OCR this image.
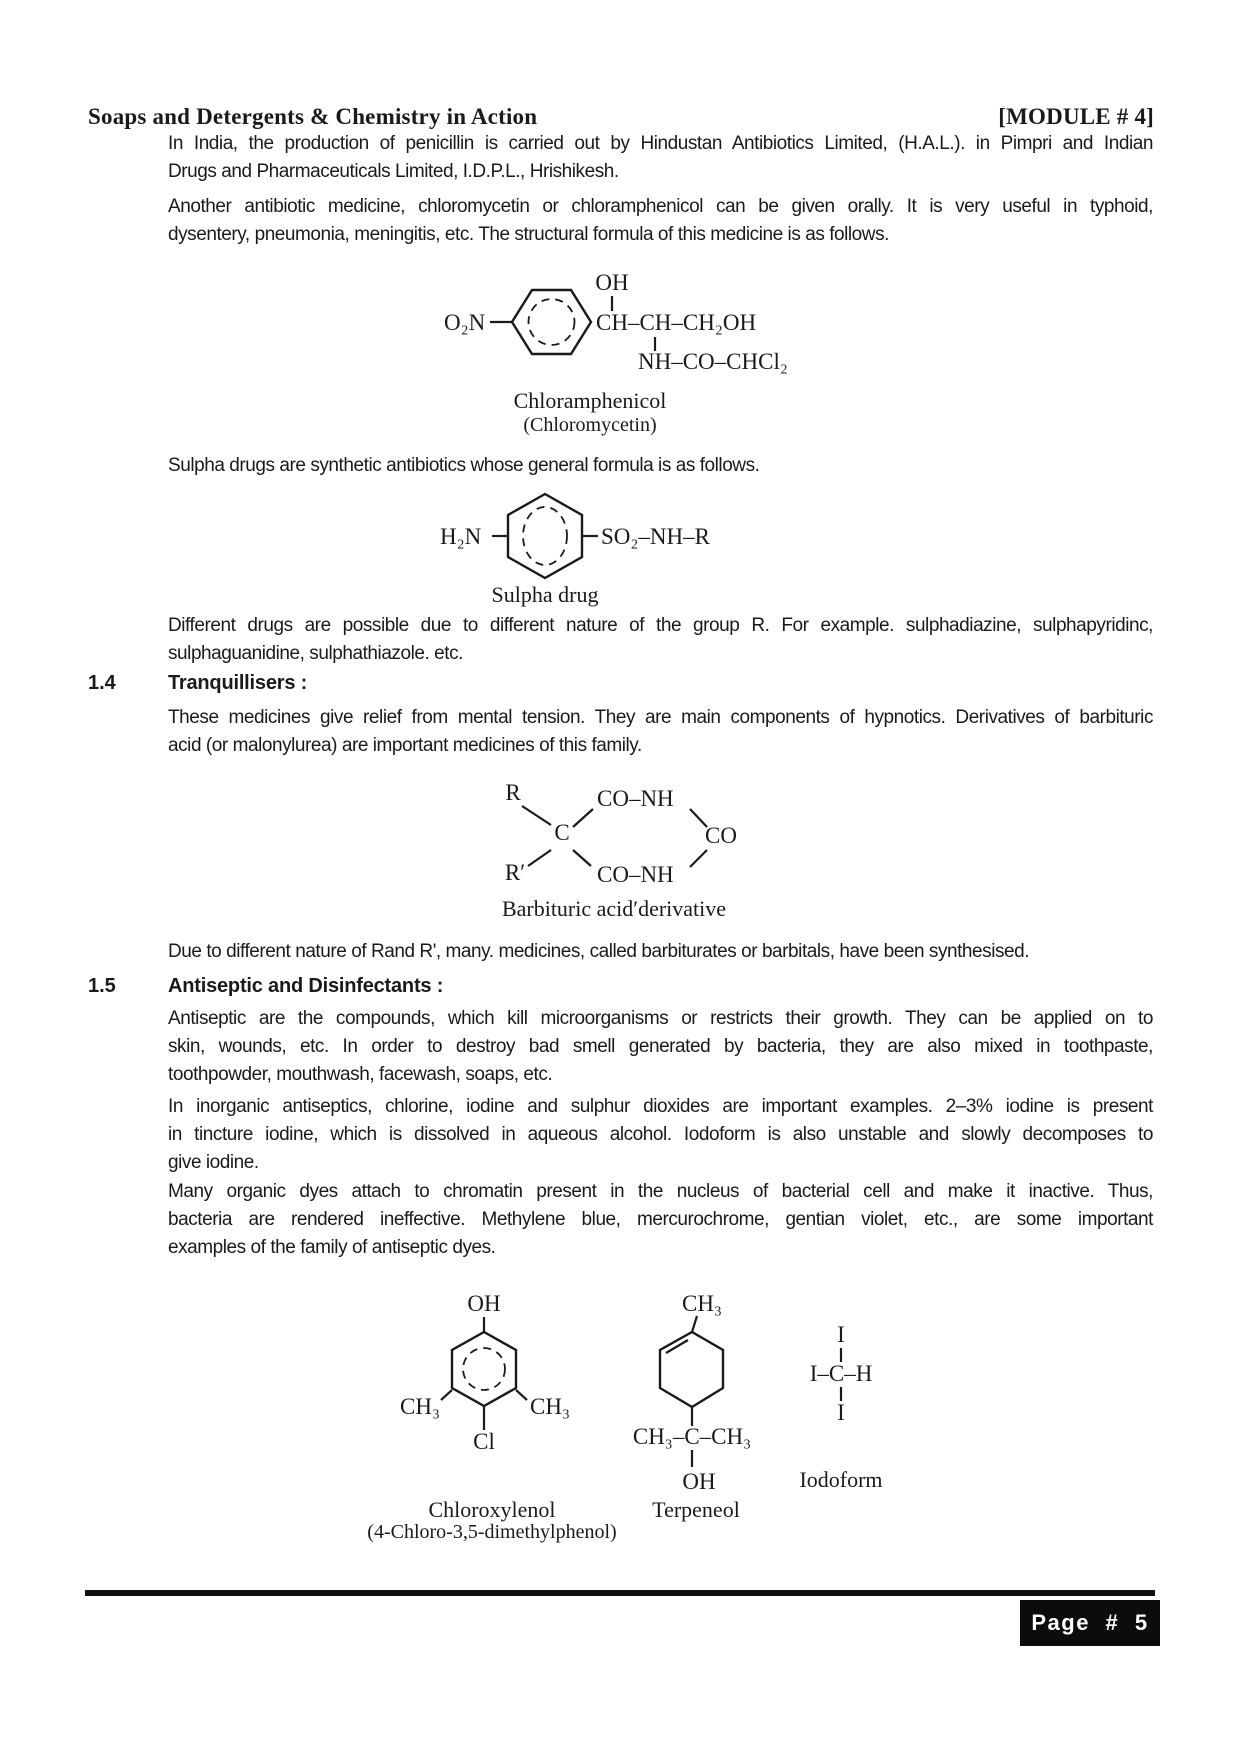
Soaps and Detergents & Chemistry in Action	[MODULE # 4]
In India, the production of penicillin is carried out by Hindustan Antibiotics Limited, (H.A.L.). in Pimpri and Indian
Drugs and Pharmaceuticals Limited, I.D.P.L., Hrishikesh.
Another antibiotic medicine, chloromycetin or chloramphenicol can be given orally. It is very useful in typhoid,
dysentery, pneumonia, meningitis, etc. The structural formula of this medicine is as follows.
O₂N
OH
CH–CH–CH₂OH
NH–CO–CHCl₂
Chloramphenicol
(Chloromycetin)
Sulpha drugs are synthetic antibiotics whose general formula is as follows.
H₂N	SO₂–NH–R
Sulpha drug
Different drugs are possible due to different nature of the group R. For example. sulphadiazine, sulphapyridinc,
sulphaguanidine, sulphathiazole. etc.
1.4	Tranquillisers :
These medicines give relief from mental tension. They are main components of hypnotics. Derivatives of barbituric
acid (or malonylurea) are important medicines of this family.
R
C
CO–NH
CO
CO–NH
R′
Barbituric acid′derivative
Due to different nature of Rand R', many. medicines, called barbiturates or barbitals, have been synthesised.
1.5	Antiseptic and Disinfectants :
Antiseptic are the compounds, which kill microorganisms or restricts their growth. They can be applied on to
skin, wounds, etc. In order to destroy bad smell generated by bacteria, they are also mixed in toothpaste,
toothpowder, mouthwash, facewash, soaps, etc.
In inorganic antiseptics, chlorine, iodine and sulphur dioxides are important examples. 2–3% iodine is present
in tincture iodine, which is dissolved in aqueous alcohol. Iodoform is also unstable and slowly decomposes to
give iodine.
Many organic dyes attach to chromatin present in the nucleus of bacterial cell and make it inactive. Thus,
bacteria are rendered ineffective. Methylene blue, mercurochrome, gentian violet, etc., are some important
examples of the family of antiseptic dyes.
OH
CH₃	CH₃
Cl
Chloroxylenol
(4-Chloro-3,5-dimethylphenol)
CH₃
CH₃–C–CH₃
OH
Terpeneol
I
I–C–H
I
Iodoform
Page # 5
